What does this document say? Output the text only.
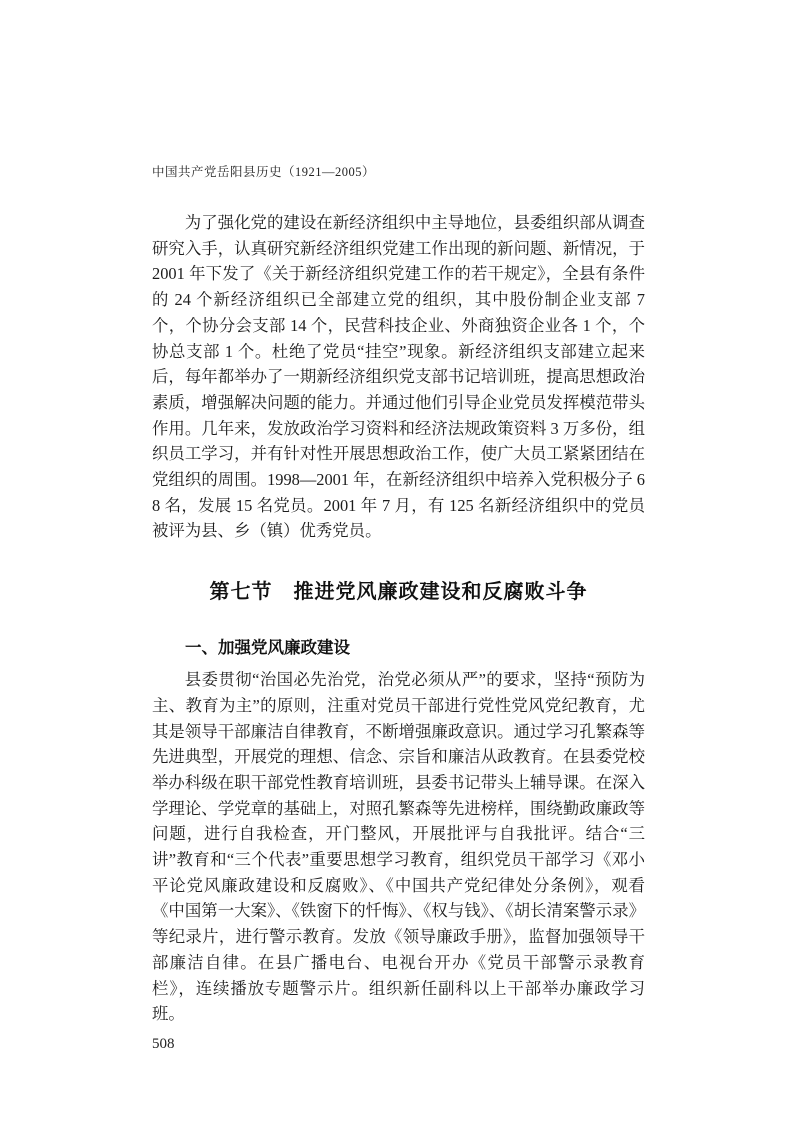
中国共产党岳阳县历史（1921—2005）

为了强化党的建设在新经济组织中主导地位，县委组织部从调查研究入手，认真研究新经济组织党建工作出现的新问题、新情况，于 2001 年下发了《关于新经济组织党建工作的若干规定》，全县有条件的 24 个新经济组织已全部建立党的组织，其中股份制企业支部 7 个，个协分会支部 14 个，民营科技企业、外商独资企业各 1 个，个协总支部 1 个。杜绝了党员“挂空”现象。新经济组织支部建立起来后，每年都举办了一期新经济组织党支部书记培训班，提高思想政治素质，增强解决问题的能力。并通过他们引导企业党员发挥模范带头作用。几年来，发放政治学习资料和经济法规政策资料 3 万多份，组织员工学习，并有针对性开展思想政治工作，使广大员工紧紧团结在党组织的周围。1998—2001 年，在新经济组织中培养入党积极分子 68 名，发展 15 名党员。2001 年 7 月，有 125 名新经济组织中的党员被评为县、乡（镇）优秀党员。

第七节　推进党风廉政建设和反腐败斗争
一、加强党风廉政建设

县委贯彻“治国必先治党，治党必须从严”的要求，坚持“预防为主、教育为主”的原则，注重对党员干部进行党性党风党纪教育，尤其是领导干部廉洁自律教育，不断增强廉政意识。通过学习孔繁森等先进典型，开展党的理想、信念、宗旨和廉洁从政教育。在县委党校举办科级在职干部党性教育培训班，县委书记带头上辅导课。在深入学理论、学党章的基础上，对照孔繁森等先进榜样，围绕勤政廉政等问题，进行自我检查，开门整风，开展批评与自我批评。结合“三讲”教育和“三个代表”重要思想学习教育，组织党员干部学习《邓小平论党风廉政建设和反腐败》、《中国共产党纪律处分条例》，观看《中国第一大案》、《铁窗下的忏悔》、《权与钱》、《胡长清案警示录》等纪录片，进行警示教育。发放《领导廉政手册》，监督加强领导干部廉洁自律。在县广播电台、电视台开办《党员干部警示录教育栏》，连续播放专题警示片。组织新任副科以上干部举办廉政学习班。

508
